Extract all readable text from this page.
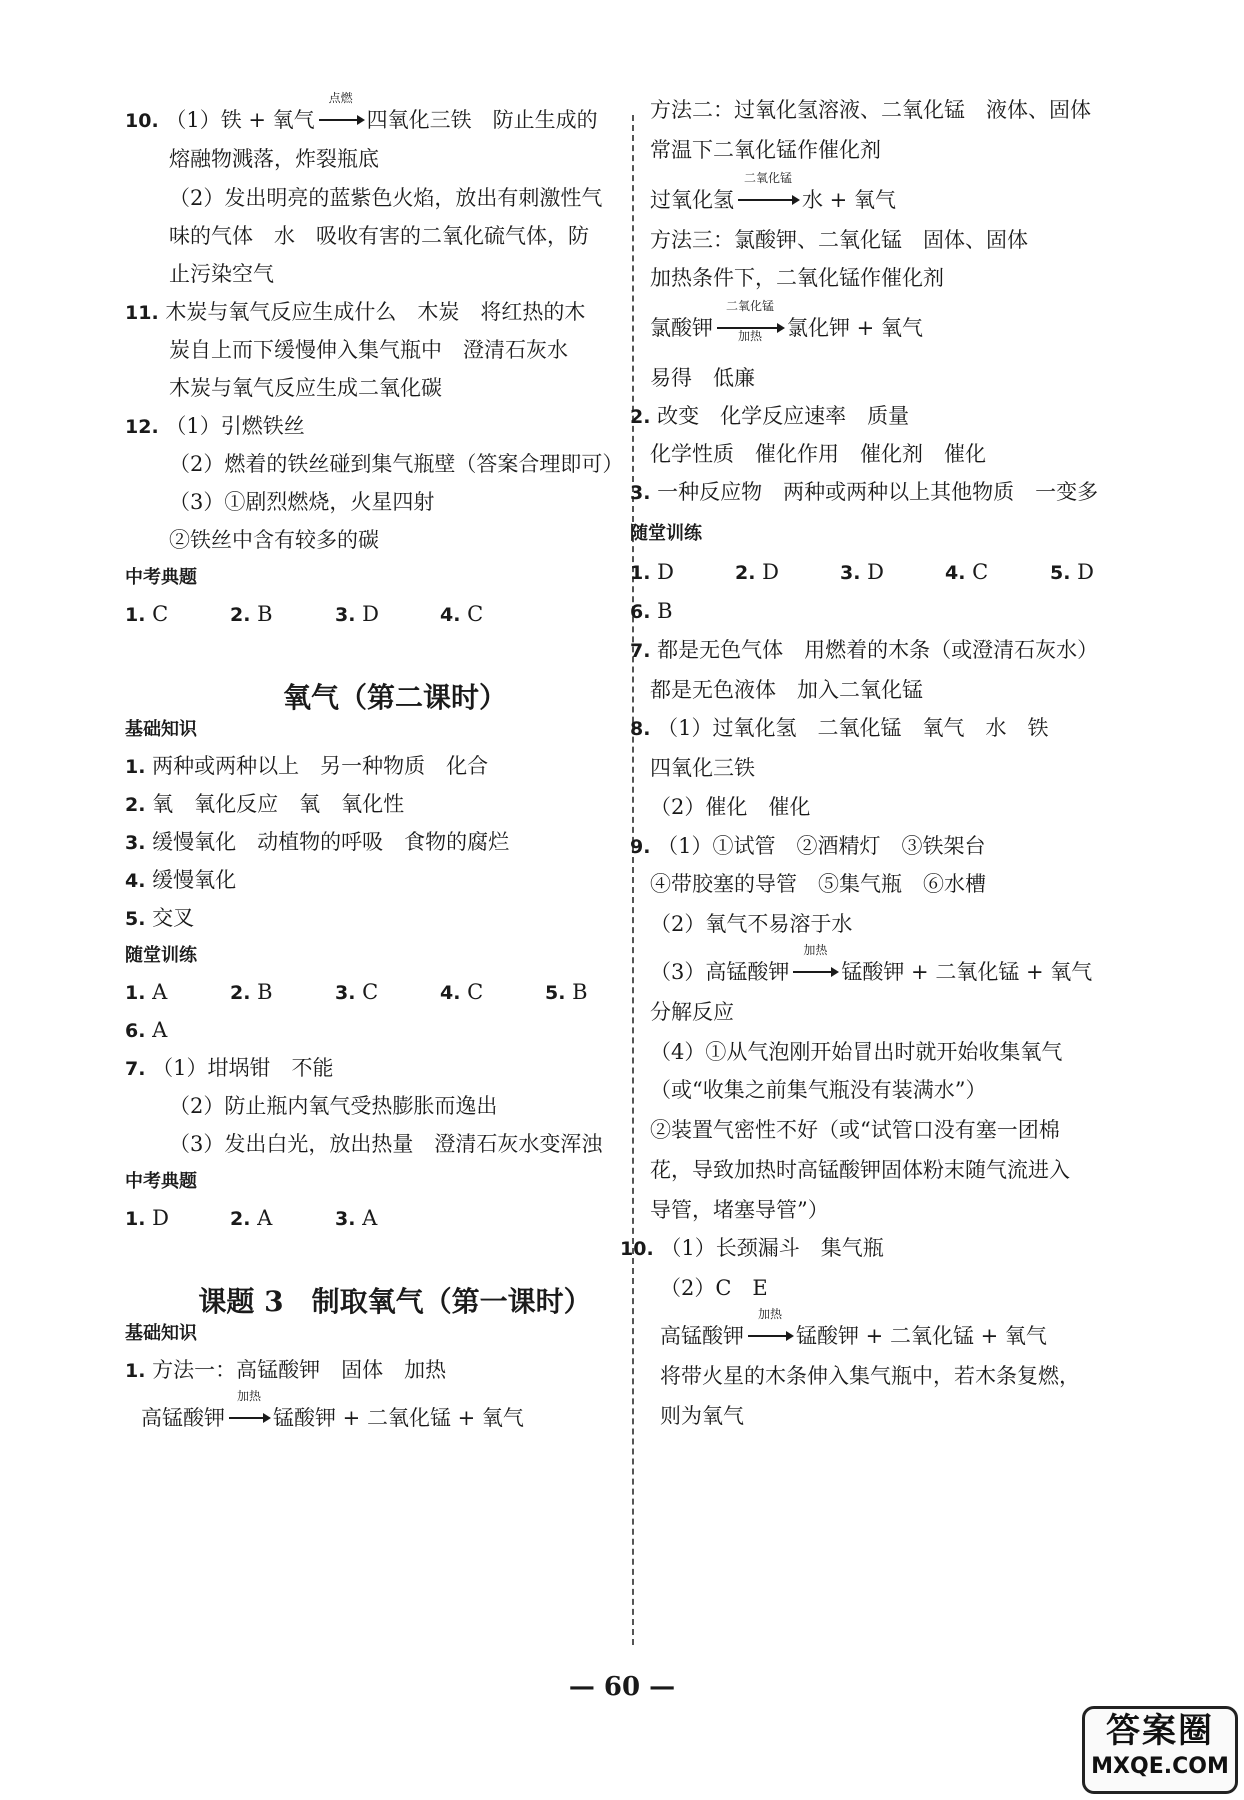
10. （1）铁 + 氧气
点燃
四氧化三铁　防止生成的
熔融物溅落，炸裂瓶底
（2）发出明亮的蓝紫色火焰，放出有刺激性气
味的气体　水　吸收有害的二氧化硫气体，防
止污染空气
11. 木炭与氧气反应生成什么　木炭　将红热的木
炭自上而下缓慢伸入集气瓶中　澄清石灰水
木炭与氧气反应生成二氧化碳
12. （1）引燃铁丝
（2）燃着的铁丝碰到集气瓶壁（答案合理即可）
（3）①剧烈燃烧，火星四射
②铁丝中含有较多的碳
中考典题
1. C	2. B	3. D	4. C
氧气（第二课时）
基础知识
1. 两种或两种以上　另一种物质　化合
2. 氧　氧化反应　氧　氧化性
3. 缓慢氧化　动植物的呼吸　食物的腐烂
4. 缓慢氧化
5. 交叉
随堂训练
1. A	2. B	3. C	4. C	5. B
6. A
7. （1）坩埚钳　不能
（2）防止瓶内氧气受热膨胀而逸出
（3）发出白光，放出热量　澄清石灰水变浑浊
中考典题
1. D	2. A	3. A
课题 3　制取氧气（第一课时）
基础知识
1. 方法一：高锰酸钾　固体　加热
高锰酸钾
加热
锰酸钾 + 二氧化锰 + 氧气
方法二：过氧化氢溶液、二氧化锰　液体、固体
常温下二氧化锰作催化剂
过氧化氢
二氧化锰
水 + 氧气
方法三：氯酸钾、二氧化锰　固体、固体
加热条件下，二氧化锰作催化剂
氯酸钾
二氧化锰
加热	氯化钾 + 氧气
易得　低廉
2. 改变　化学反应速率　质量
化学性质　催化作用　催化剂　催化
3. 一种反应物　两种或两种以上其他物质　一变多
随堂训练
1. D	2. D	3. D	4. C	5. D
6. B
7. 都是无色气体　用燃着的木条（或澄清石灰水）
都是无色液体　加入二氧化锰
8. （1）过氧化氢　二氧化锰　氧气　水　铁
四氧化三铁
（2）催化　催化
9. （1）①试管　②酒精灯　③铁架台
④带胶塞的导管　⑤集气瓶　⑥水槽
（2）氧气不易溶于水
（3）高锰酸钾
加热
锰酸钾 + 二氧化锰 + 氧气
分解反应
（4）①从气泡刚开始冒出时就开始收集氧气
（或“收集之前集气瓶没有装满水”）
②装置气密性不好（或“试管口没有塞一团棉
花，导致加热时高锰酸钾固体粉末随气流进入
导管，堵塞导管”）
10. （1）长颈漏斗　集气瓶
（2）C　E
高锰酸钾
加热
锰酸钾 + 二氧化锰 + 氧气
将带火星的木条伸入集气瓶中，若木条复燃，
则为氧气
— 60 —
答案圈
MXQE.COM
